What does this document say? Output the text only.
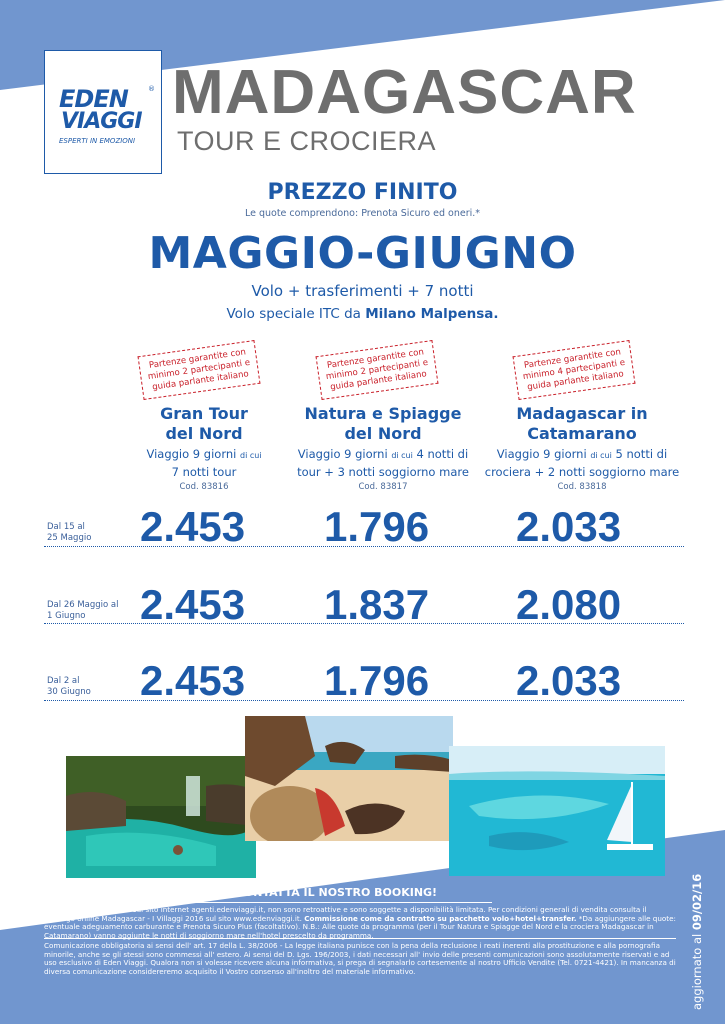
EDEN	®
VIAGGI
ESPERTI IN EMOZIONI
MADAGASCAR
TOUR E CROCIERA
PREZZO FINITO
Le quote comprendono: Prenota Sicuro ed oneri.*
MAGGIO-GIUGNO
Volo + trasferimenti + 7 notti
Volo speciale ITC da Milano Malpensa.
Partenze garantite con minimo 2 partecipanti e guida parlante italiano
Partenze garantite con minimo 2 partecipanti e guida parlante italiano
Partenze garantite con minimo 4 partecipanti e guida parlante italiano
Gran Tour
del Nord
Viaggio 9 giorni di cui
7 notti tour
Cod. 83816
Natura e Spiagge
del Nord
Viaggio 9 giorni di cui 4 notti di
tour + 3 notti soggiorno mare
Cod. 83817
Madagascar in
Catamarano
Viaggio 9 giorni di cui 5 notti di
crociera + 2 notti soggiorno mare
Cod. 83818
Dal 15 al
25 Maggio 2.453 1.796 2.033
Dal 26 Maggio al
1 Giugno	2.453 1.837 2.080
Dal 2 al
30 Giugno 2.453 1.796 2.033
PER MAGGIORI INFORMAZIONI CONTATTA IL NOSTRO BOOKING!
Le tariffe teleprenotabili sul sito internet agenti.edenviaggi.it, non sono retroattive e sono soggette a disponibilità limitata. Per condizioni generali di vendita consulta il catalogo online Madagascar - I Villaggi 2016 sul sito www.edenviaggi.it. Commissione come da contratto su pacchetto volo+hotel+transfer. *Da aggiungere alle quote: eventuale adeguamento carburante e Prenota Sicuro Plus (facoltativo). N.B.: Alle quote da programma (per il Tour Natura e Spiagge del Nord e la crociera Madagascar in Catamarano) vanno aggiunte le notti di soggiorno mare nell'hotel prescelto da programma.
Comunicazione obbligatoria ai sensi dell' art. 17 della L. 38/2006 - La legge italiana punisce con la pena della reclusione i reati inerenti alla prostituzione e alla pornografia minorile, anche se gli stessi sono commessi all' estero. Ai sensi del D. Lgs. 196/2003, i dati necessari all' invio delle presenti comunicazioni sono assolutamente riservati e ad uso esclusivo di Eden Viaggi. Qualora non si volesse ricevere alcuna informativa, si prega di segnalarlo cortesemente al nostro Ufficio Vendite (Tel. 0721-4421). In mancanza di diversa comunicazione considereremo acquisito il Vostro consenso all'inoltro del materiale informativo.	aggiornato al 09/02/16
